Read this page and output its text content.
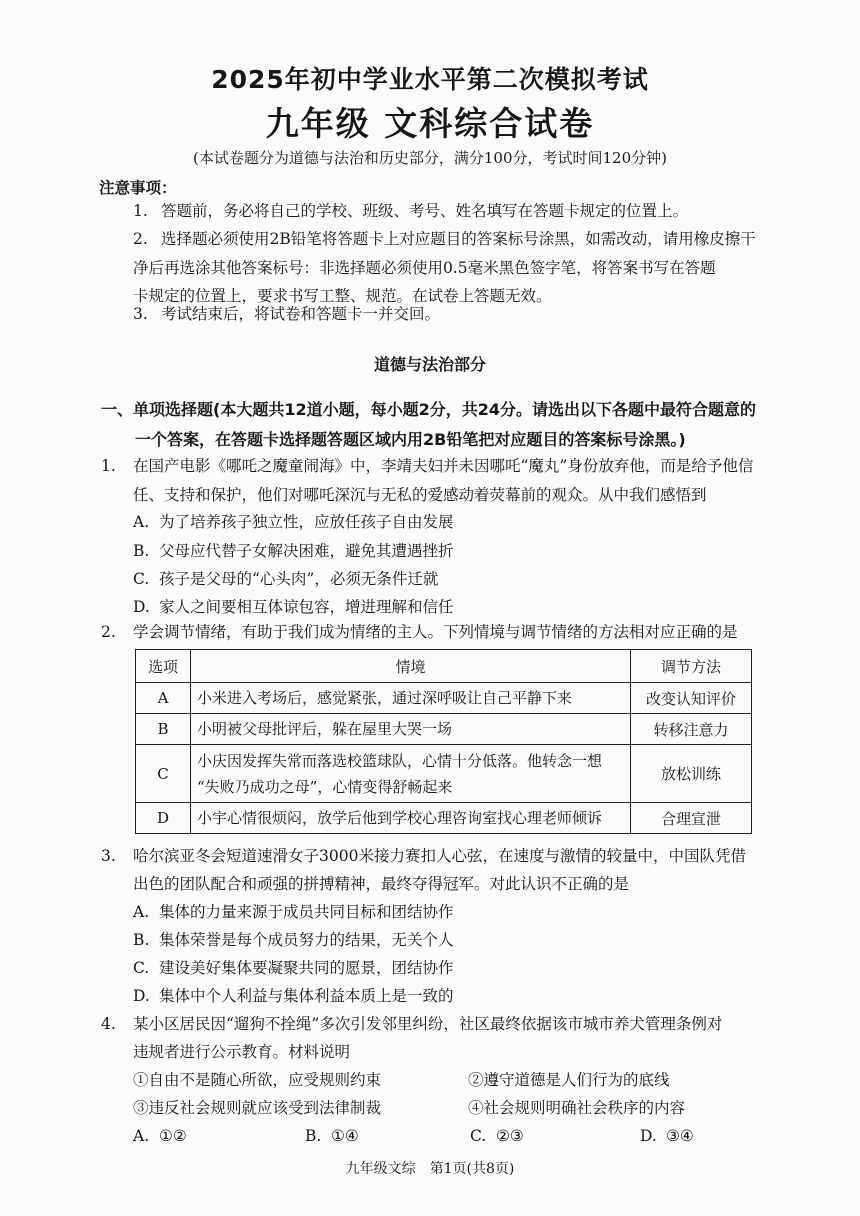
2025年初中学业水平第二次模拟考试
九年级 文科综合试卷
(本试卷题分为道德与法治和历史部分，满分100分，考试时间120分钟)
注意事项：
1. 答题前，务必将自己的学校、班级、考号、姓名填写在答题卡规定的位置上。
2. 选择题必须使用2B铅笔将答题卡上对应题目的答案标号涂黑，如需改动，请用橡皮擦干
净后再选涂其他答案标号：非选择题必须使用0.5毫米黑色签字笔，将答案书写在答题
卡规定的位置上，要求书写工整、规范。在试卷上答题无效。
3. 考试结束后，将试卷和答题卡一并交回。
道德与法治部分
一、单项选择题(本大题共12道小题，每小题2分，共24分。请选出以下各题中最符合题意的
一个答案，在答题卡选择题答题区域内用2B铅笔把对应题目的答案标号涂黑。)
1. 在国产电影《哪吒之魔童闹海》中，李靖夫妇并未因哪吒“魔丸”身份放弃他，而是给予他信
任、支持和保护，他们对哪吒深沉与无私的爱感动着荧幕前的观众。从中我们感悟到
A. 为了培养孩子独立性，应放任孩子自由发展
B. 父母应代替子女解决困难，避免其遭遇挫折
C. 孩子是父母的“心头肉”，必须无条件迁就
D. 家人之间要相互体谅包容，增进理解和信任
2. 学会调节情绪，有助于我们成为情绪的主人。下列情境与调节情绪的方法相对应正确的是
选项	情境	调节方法
A	小米进入考场后，感觉紧张，通过深呼吸让自己平静下来	改变认知评价
B	小明被父母批评后，躲在屋里大哭一场	转移注意力
C	小庆因发挥失常而落选校篮球队，心情十分低落。他转念一想
“失败乃成功之母”，心情变得舒畅起来	放松训练
D	小宇心情很烦闷，放学后他到学校心理咨询室找心理老师倾诉	合理宣泄
3. 哈尔滨亚冬会短道速滑女子3000米接力赛扣人心弦，在速度与激情的较量中，中国队凭借
出色的团队配合和顽强的拼搏精神，最终夺得冠军。对此认识不正确的是
A. 集体的力量来源于成员共同目标和团结协作
B. 集体荣誉是每个成员努力的结果，无关个人
C. 建设美好集体要凝聚共同的愿景，团结协作
D. 集体中个人利益与集体利益本质上是一致的
4. 某小区居民因“遛狗不拴绳”多次引发邻里纠纷，社区最终依据该市城市养犬管理条例对
违规者进行公示教育。材料说明
①自由不是随心所欲，应受规则约束	②遵守道德是人们行为的底线
③违反社会规则就应该受到法律制裁	④社会规则明确社会秩序的内容
A. ①②	B. ①④	C. ②③	D. ③④
九年级文综　第1页(共8页)
